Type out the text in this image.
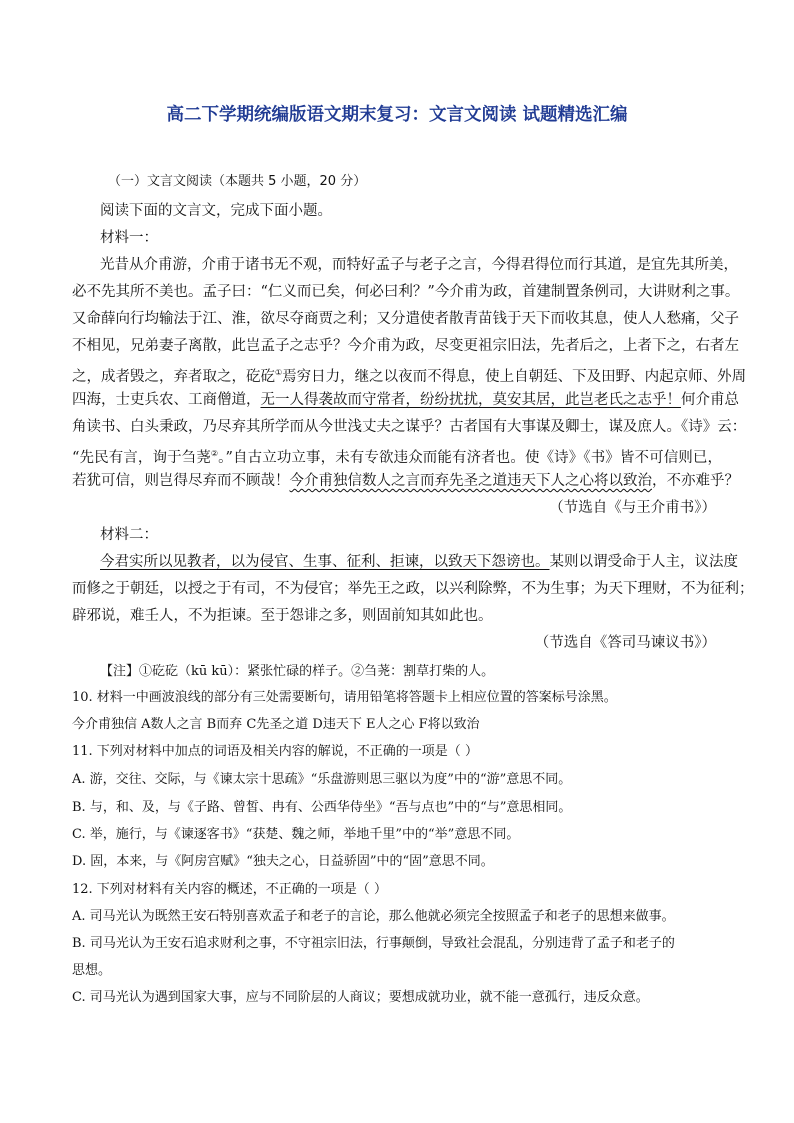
高二下学期统编版语文期末复习：文言文阅读 试题精选汇编
（一）文言文阅读（本题共 5 小题，20 分）
阅读下面的文言文，完成下面小题。
材料一：
光昔从介甫游，介甫于诸书无不观，而特好孟子与老子之言，今得君得位而行其道，是宜先其所美，
必不先其所不美也。孟子曰：“仁义而已矣，何必曰利？”今介甫为政，首建制置条例司，大讲财利之事。
又命薛向行均输法于江、淮，欲尽夺商贾之利；又分遣使者散青苗钱于天下而收其息，使人人愁痛，父子
不相见，兄弟妻子离散，此岂孟子之志乎？今介甫为政，尽变更祖宗旧法，先者后之，上者下之，右者左
之，成者毁之，弃者取之，矻矻①焉穷日力，继之以夜而不得息，使上自朝廷、下及田野、内起京师、外周
四海，士吏兵农、工商僧道，无一人得袭故而守常者，纷纷扰扰，莫安其居，此岂老氏之志乎！何介甫总
角读书、白头秉政，乃尽弃其所学而从今世浅丈夫之谋乎？古者国有大事谋及卿士，谋及庶人。《诗》云：
“先民有言，询于刍荛②。”自古立功立事，未有专欲违众而能有济者也。使《诗》《书》皆不可信则已，
若犹可信，则岂得尽弃而不顾哉！今介甫独信数人之言而弃先圣之道违天下人之心将以致治，不亦难乎？
（节选自《与王介甫书》）
材料二：
今君实所以见教者，以为侵官、生事、征利、拒谏，以致天下怨谤也。某则以谓受命于人主，议法度
而修之于朝廷，以授之于有司，不为侵官；举先王之政，以兴利除弊，不为生事；为天下理财，不为征利；
辟邪说，难壬人，不为拒谏。至于怨诽之多，则固前知其如此也。
（节选自《答司马谏议书》）
【注】①矻矻（kū kū）：紧张忙碌的样子。②刍荛：割草打柴的人。
10. 材料一中画波浪线的部分有三处需要断句，请用铅笔将答题卡上相应位置的答案标号涂黑。
今介甫独信 A数人之言 B而弃 C先圣之道 D违天下 E人之心 F将以致治
11. 下列对材料中加点的词语及相关内容的解说，不正确的一项是（ ）
A. 游，交往、交际，与《谏太宗十思疏》“乐盘游则思三驱以为度”中的“游”意思不同。
B. 与，和、及，与《子路、曾皙、冉有、公西华侍坐》“吾与点也”中的“与”意思相同。
C. 举，施行，与《谏逐客书》“获楚、魏之师，举地千里”中的“举”意思不同。
D. 固，本来，与《阿房宫赋》“独夫之心，日益骄固”中的“固”意思不同。
12. 下列对材料有关内容的概述，不正确的一项是（ ）
A. 司马光认为既然王安石特别喜欢孟子和老子的言论，那么他就必须完全按照孟子和老子的思想来做事。
B. 司马光认为王安石追求财利之事，不守祖宗旧法，行事颠倒，导致社会混乱，分别违背了孟子和老子的
思想。
C. 司马光认为遇到国家大事，应与不同阶层的人商议；要想成就功业，就不能一意孤行，违反众意。
